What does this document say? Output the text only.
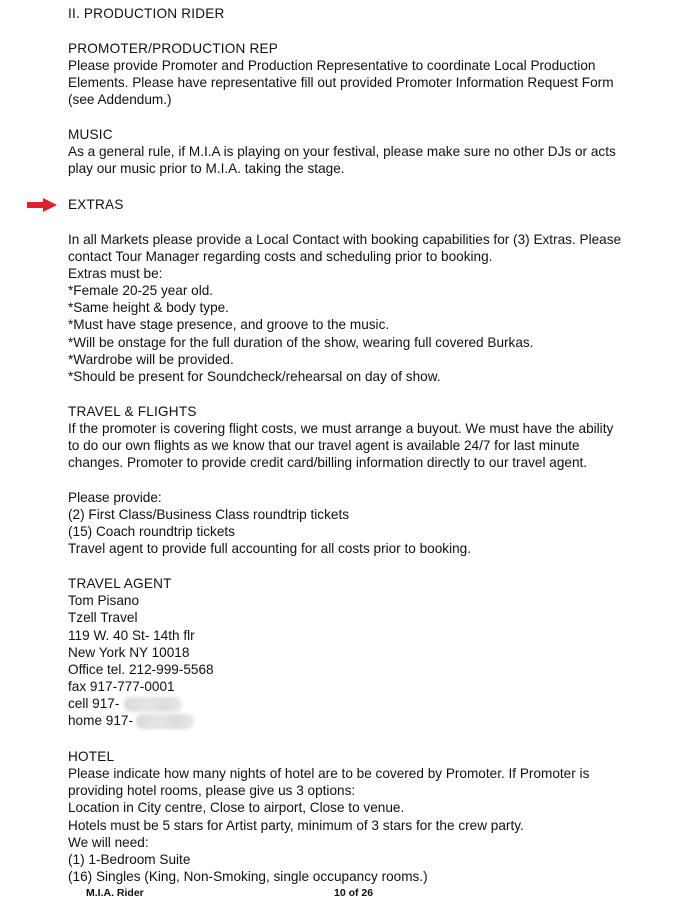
II. PRODUCTION RIDER
PROMOTER/PRODUCTION REP
Please provide Promoter and Production Representative to coordinate Local Production
Elements. Please have representative fill out provided Promoter Information Request Form
(see Addendum.)
MUSIC
As a general rule, if M.I.A is playing on your festival, please make sure no other DJs or acts
play our music prior to M.I.A. taking the stage.
EXTRAS
In all Markets please provide a Local Contact with booking capabilities for (3) Extras. Please
contact Tour Manager regarding costs and scheduling prior to booking.
Extras must be:
*Female 20-25 year old.
*Same height & body type.
*Must have stage presence, and groove to the music.
*Will be onstage for the full duration of the show, wearing full covered Burkas.
*Wardrobe will be provided.
*Should be present for Soundcheck/rehearsal on day of show.
TRAVEL & FLIGHTS
If the promoter is covering flight costs, we must arrange a buyout. We must have the ability
to do our own flights as we know that our travel agent is available 24/7 for last minute
changes. Promoter to provide credit card/billing information directly to our travel agent.
Please provide:
(2) First Class/Business Class roundtrip tickets
(15) Coach roundtrip tickets
Travel agent to provide full accounting for all costs prior to booking.
TRAVEL AGENT
Tom Pisano
Tzell Travel
119 W. 40 St- 14th flr
New York NY 10018
Office tel. 212-999-5568
fax 917-777-0001
cell 917-
home 917-
HOTEL
Please indicate how many nights of hotel are to be covered by Promoter. If Promoter is
providing hotel rooms, please give us 3 options:
Location in City centre, Close to airport, Close to venue.
Hotels must be 5 stars for Artist party, minimum of 3 stars for the crew party.
We will need:
(1) 1-Bedroom Suite
(16) Singles (King, Non-Smoking, single occupancy rooms.)
M.I.A. Rider	10 of 26
